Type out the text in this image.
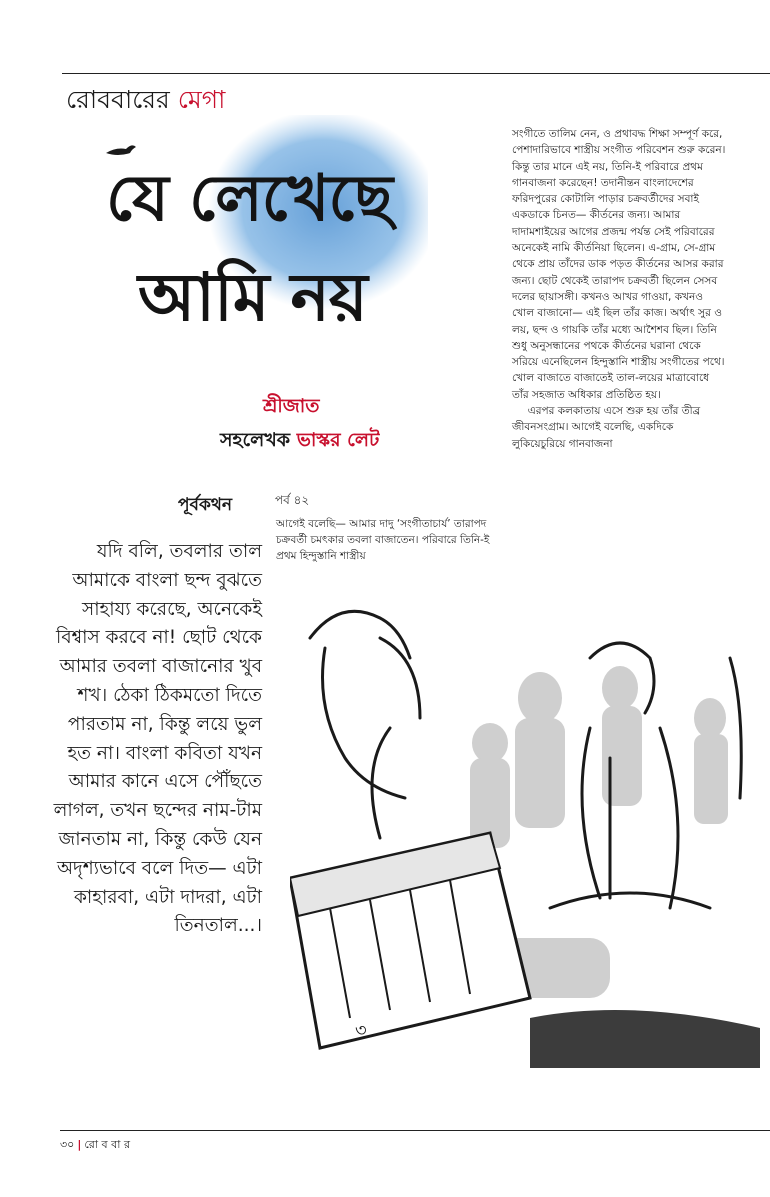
রোববারের মেগা
যে লেখেছে
আমি নয়
শ্রীজাত
সহলেখক ভাস্কর লেট
পূর্বকথন	পর্ব ৪২
যদি বলি, তবলার তাল আমাকে বাংলা ছন্দ বুঝতে সাহায্য করেছে, অনেকেই বিশ্বাস করবে না! ছোট থেকে আমার তবলা বাজানোর খুব শখ। ঠেকা ঠিকমতো দিতে পারতাম না, কিন্তু লয়ে ভুল হত না। বাংলা কবিতা যখন আমার কানে এসে পৌঁছতে লাগল, তখন ছন্দের নাম-টাম জানতাম না, কিন্তু কেউ যেন অদৃশ্যভাবে বলে দিত— এটা কাহারবা, এটা দাদরা, এটা তিনতাল...।
আগেই বলেছি— আমার দাদু ‘সংগীতাচার্য’ তারাপদ চক্রবর্তী চমৎকার তবলা বাজাতেন। পরিবারে তিনি-ই প্রথম হিন্দুস্তানি শাস্ত্রীয়

সংগীতে তালিম নেন, ও প্রথাবদ্ধ শিক্ষা সম্পূর্ণ করে, পেশাদারিভাবে শাস্ত্রীয় সংগীত পরিবেশন শুরু করেন। কিন্তু তার মানে এই নয়, তিনি-ই পরিবারে প্রথম গানবাজনা করেছেন! তদানীন্তন বাংলাদেশের ফরিদপুরের কোটালি পাড়ার চক্রবর্তীদের সবাই একডাকে চিনত— কীর্তনের জন্য। আমার দাদামশাইয়ের আগের প্রজন্ম পর্যন্ত সেই পরিবারের অনেকেই নামি কীর্তনিয়া ছিলেন। এ-গ্রাম, সে-গ্রাম থেকে প্রায় তাঁদের ডাক পড়ত কীর্তনের আসর করার জন্য। ছোট থেকেই তারাপদ চক্রবর্তী ছিলেন সেসব দলের ছায়াসঙ্গী। কখনও আখর গাওয়া, কখনও খোল বাজানো— এই ছিল তাঁর কাজ। অর্থাৎ সুর ও লয়, ছন্দ ও গায়কি তাঁর মধ্যে আশৈশব ছিল। তিনি শুধু অনুসন্ধানের পথকে কীর্তনের ঘরানা থেকে সরিয়ে এনেছিলেন হিন্দুস্তানি শাস্ত্রীয় সংগীতের পথে। খোল বাজাতে বাজাতেই তাল-লয়ের মাত্রাবোধে তাঁর সহজাত অধিকার প্রতিষ্ঠিত হয়।

এরপর কলকাতায় এসে শুরু হয় তাঁর তীব্র জীবনসংগ্রাম। আগেই বলেছি, একদিকে লুকিয়েচুরিয়ে গানবাজনা

৩
৩০ | রো ব বা র
